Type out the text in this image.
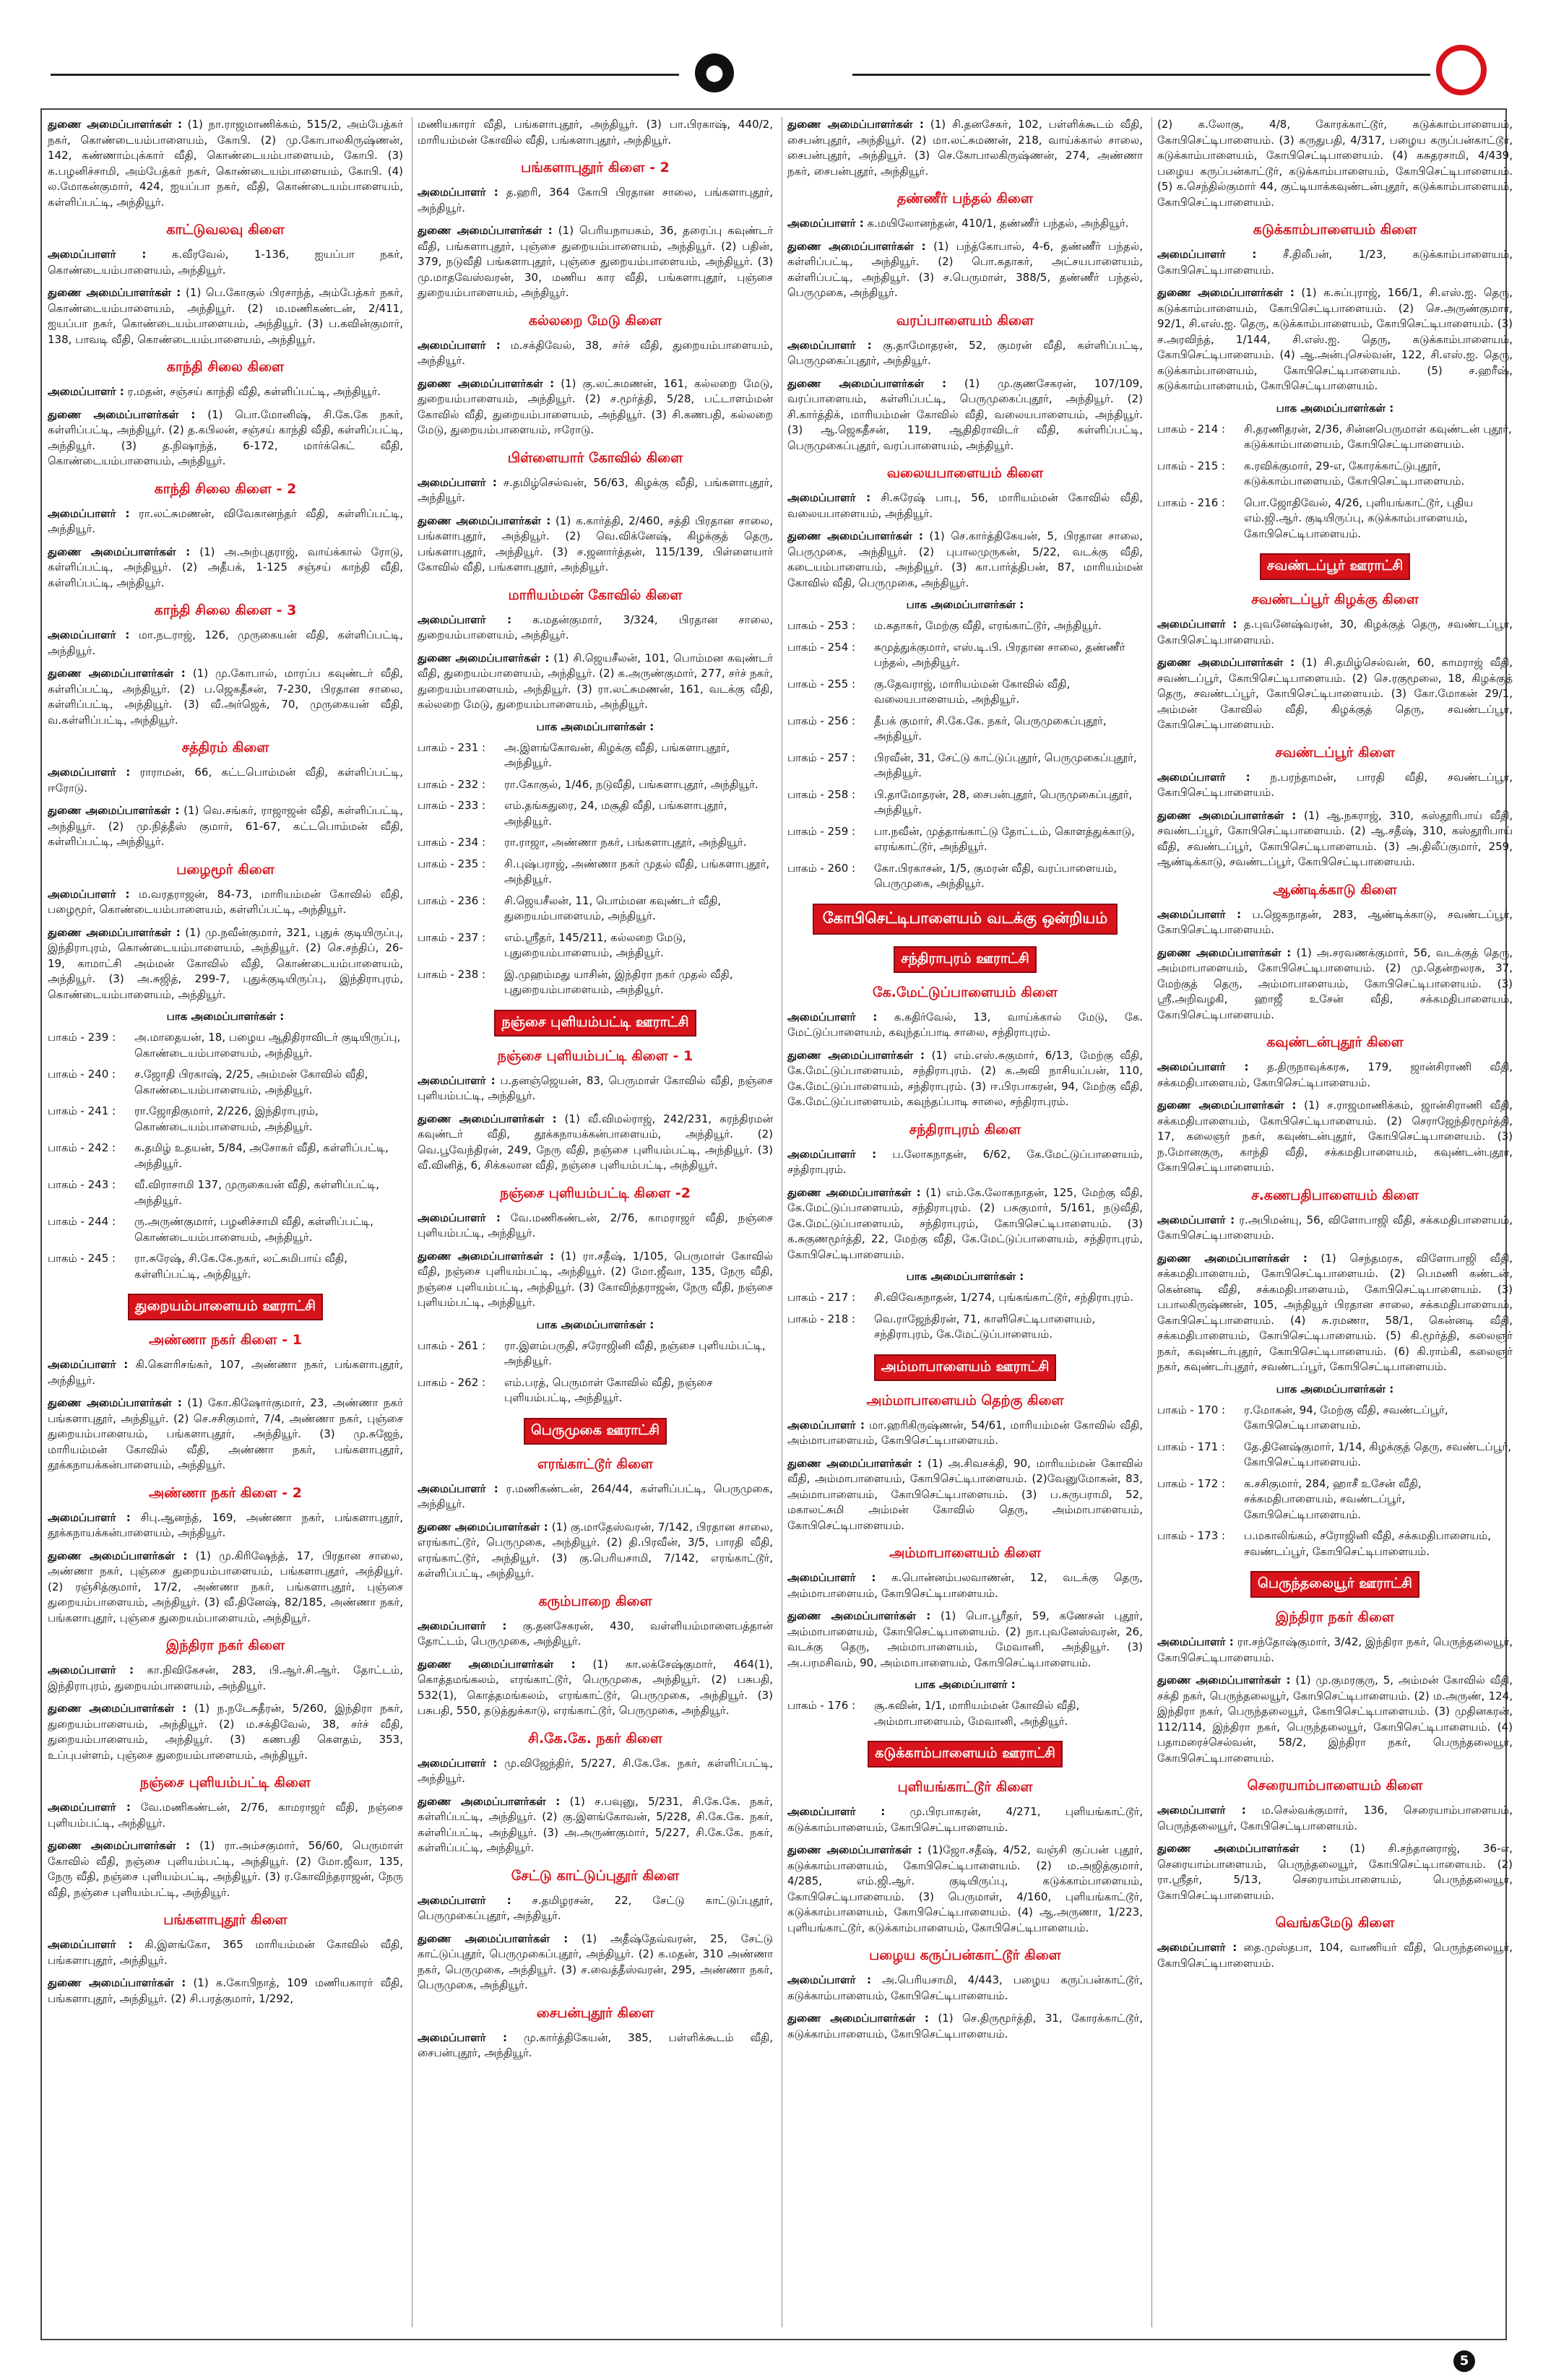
●

துணை அமைப்பாளர்கள் : (1) நா.ராஜமாணிக்கம், 515/2, அம்பேத்கர் நகர், கொண்டையம்பாளையம், கோபி. (2) மு.கோபாலகிருஷ்ணன், 142, கண்ணாம்புக்கார் வீதி, கொண்டையம்பாளையம், கோபி. (3) க.பழனிச்சாமி, அம்பேத்கர் நகர், கொண்டையம்பாளையம், கோபி. (4) ல.மோகன்குமார், 424, ஐயப்பா நகர், வீதி, கொண்டையம்பாளையம், கள்ளிப்பட்டி, அந்தியூர்.

காட்டுவலவு கிளை

அமைப்பாளர் : க.வீரவேல், 1-136, ஐயப்பா நகர், கொண்டையம்பாளையம், அந்தியூர்.

துணை அமைப்பாளர்கள் : (1) பெ.கோகுல் பிரசாந்த், அம்பேத்கர் நகர், கொண்டையம்பாளையம், அந்தியூர். (2) ம.மணிகண்டன், 2/411, ஐயப்பா நகர், கொண்டையம்பாளையம், அந்தியூர். (3) ப.கவின்குமார், 138, பாவடி வீதி, கொண்டையம்பாளையம், அந்தியூர்.

காந்தி சிலை கிளை

அமைப்பாளர் : ர.மதன், சஞ்சய் காந்தி வீதி, கள்ளிப்பட்டி, அந்தியூர்.

துணை அமைப்பாளர்கள் : (1) பொ.மோனிஷ், சி.கே.கே நகர், கள்ளிப்பட்டி, அந்தியூர். (2) த.கபிலன், சஞ்சய் காந்தி வீதி, கள்ளிப்பட்டி, அந்தியூர். (3) த.நிஷாந்த், 6-172, மார்க்கெட் வீதி, கொண்டையம்பாளையம், அந்தியூர்.

காந்தி சிலை கிளை - 2

அமைப்பாளர் : ரா.லட்சுமணன், விவேகானந்தர் வீதி, கள்ளிப்பட்டி, அந்தியூர்.

துணை அமைப்பாளர்கள் : (1) அ.அற்புதராஜ், வாய்க்கால் ரோடு, கள்ளிப்பட்டி, அந்தியூர். (2) அதீபக், 1-125 சஞ்சய் காந்தி வீதி, கள்ளிப்பட்டி, அந்தியூர்.

காந்தி சிலை கிளை - 3

அமைப்பாளர் : மா.நடராஜ், 126, முருகையன் வீதி, கள்ளிப்பட்டி, அந்தியூர்.

துணை அமைப்பாளர்கள் : (1) மு.கோபால், மாரப்ப கவுண்டர் வீதி, கள்ளிப்பட்டி, அந்தியூர். (2) ப.ஜெகதீசன், 7-230, பிரதான சாலை, கள்ளிப்பட்டி, அந்தியூர். (3) வீ.அர்ஜெக், 70, முருகையன் வீதி, வ.கள்ளிப்பட்டி, அந்தியூர்.

சத்திரம் கிளை

அமைப்பாளர் : ராராமன், 66, கட்டபொம்மன் வீதி, கள்ளிப்பட்டி, ஈரோடு.

துணை அமைப்பாளர்கள் : (1) வெ.சங்கர், ராஜாஜன் வீதி, கள்ளிப்பட்டி, அந்தியூர். (2) மு.நித்தீஸ் குமார், 61-67, கட்டபொம்மன் வீதி, கள்ளிப்பட்டி, அந்தியூர்.

பழைமூர் கிளை

அமைப்பாளர் : ம.வரதராஜன், 84-73, மாரியம்மன் கோவில் வீதி, பழைமூர், கொண்டையம்பாளையம், கள்ளிப்பட்டி, அந்தியூர்.

துணை அமைப்பாளர்கள் : (1) மு.நவீன்குமார், 321, புதுக் குடியிருப்பு, இந்திராபுரம், கொண்டையம்பாளையம், அந்தியூர். (2) செ.சந்திப், 26-19, காமாட்சி அம்மன் கோவில் வீதி, கொண்டையம்பாளையம், அந்தியூர். (3) அ.சுஜித், 299-7, புதுக்குடியிருப்பு, இந்திராபுரம், கொண்டையம்பாளையம், அந்தியூர்.

பாக அமைப்பாளர்கள் :
பாகம் - 239 :	அ.மாதையன், 18, பழைய ஆதிதிராவிடர் குடியிருப்பு, கொண்டையம்பாளையம், அந்தியூர்.
பாகம் - 240 :	ச.ஜோதி பிரகாஷ், 2/25, அம்மன் கோவில் வீதி, கொண்டையம்பாளையம், அந்தியூர்.
பாகம் - 241 :	ரா.ஜோதிகுமார், 2/226, இந்திராபுரம், கொண்டையம்பாளையம், அந்தியூர்.
பாகம் - 242 :	க.தமிழ் உதயன், 5/84, அசோகர் வீதி, கள்ளிப்பட்டி, அந்தியூர்.
பாகம் - 243 :	வீ.விராசாமி 137, முருகையன் வீதி, கள்ளிப்பட்டி, அந்தியூர்.
பாகம் - 244 :	ரு.அருண்குமார், பழனிச்சாமி வீதி, கள்ளிப்பட்டி, கொண்டையம்பாளையம், அந்தியூர்.
பாகம் - 245 :	ரா.சுரேஷ், சி.கே.கே.நகர், லட்சுமிபாய் வீதி, கள்ளிப்பட்டி, அந்தியூர்.
துறையம்பாளையம் ஊராட்சி
அண்ணா நகர் கிளை - 1

அமைப்பாளர் : கி.கௌரிசங்கர், 107, அண்ணா நகர், பங்களாபுதூர், அந்தியூர்.

துணை அமைப்பாளர்கள் : (1) கோ.கிஷோர்குமார், 23, அண்ணா நகர் பங்களாபுதூர், அந்தியூர். (2) செ.சசிகுமார், 7/4, அண்ணா நகர், புஞ்சை துறையம்பாளையம், பங்களாபுதூர், அந்தியூர். (3) மு.சுஜேந், மாரியம்மன் கோவில் வீதி, அண்ணா நகர், பங்களாபுதூர், தூக்கநாயக்கன்பாளையம், அந்தியூர்.

அண்ணா நகர் கிளை - 2

அமைப்பாளர் : சிபு.ஆனந்த், 169, அண்ணா நகர், பங்களாபுதூர், தூக்கநாயக்கன்பாளையம், அந்தியூர்.

துணை அமைப்பாளர்கள் : (1) மு.கிரிஷேந்த், 17, பிரதான சாலை, அண்ணா நகர், புஞ்சை துறையம்பாளையம், பங்களாபுதூர், அந்தியூர். (2) ரஞ்சித்குமார், 17/2, அண்ணா நகர், பங்களாபுதூர், புஞ்சை துறையம்பாளையம், அந்தியூர். (3) வீ.தினேஷ், 82/185, அண்ணா நகர், பங்களாபுதூர், புஞ்சை துறையம்பாளையம், அந்தியூர்.

இந்திரா நகர் கிளை

அமைப்பாளர் : கா.நிவிகேசன், 283, பி.ஆர்.சி.ஆர். தோட்டம், இந்திராபுரம், துறையம்பாளையம், அந்தியூர்.

துணை அமைப்பாளர்கள் : (1) ந.நடேசுதீரன், 5/260, இந்திரா நகர், துறையம்பாளையம், அந்தியூர். (2) ம.சக்திவேல், 38, சர்ச் வீதி, துறையம்பாளையம், அந்தியூர். (3) கணபதி கௌதம், 353, உப்புபள்ளம், புஞ்சை துறையம்பாளையம், அந்தியூர்.

நஞ்சை புளியம்பட்டி கிளை

அமைப்பாளர் : வே.மணிகண்டன், 2/76, காமராஜர் வீதி, நஞ்சை புளியம்பட்டி, அந்தியூர்.

துணை அமைப்பாளர்கள் : (1) ரா.அம்சகுமார், 56/60, பெருமாள் கோவில் வீதி, நஞ்சை புளியம்பட்டி, அந்தியூர். (2) மோ.ஜீவா, 135, நேரு வீதி, நஞ்சை புளியம்பட்டி, அந்தியூர். (3) ர.கோவிந்தராஜன், நேரு வீதி, நஞ்சை புளியம்பட்டி, அந்தியூர்.

பங்களாபுதூர் கிளை

அமைப்பாளர் : கி.இளங்கோ, 365 மாரியம்மன் கோவில் வீதி, பங்களாபுதூர், அந்தியூர்.

துணை அமைப்பாளர்கள் : (1) க.கோபிநாத், 109 மணியகாரர் வீதி, பங்களாபுதூர், அந்தியூர். (2) சி.பரத்குமார், 1/292,

மணியகாரர் வீதி, பங்களாபுதூர், அந்தியூர். (3) பா.பிரகாஷ், 440/2, மாரியம்மன் கோவில் வீதி, பங்களாபுதூர், அந்தியூர்.

பங்களாபுதூர் கிளை - 2

அமைப்பாளர் : த.ஹரி, 364 கோபி பிரதான சாலை, பங்களாபுதூர், அந்தியூர்.

துணை அமைப்பாளர்கள் : (1) பெரியநாயகம், 36, தரைப்பு கவுண்டர் வீதி, பங்களாபுதூர், புஞ்சை துறையம்பாளையம், அந்தியூர். (2) பதின், 379, நடுவீதி பங்களாபுதூர், புஞ்சை துறையம்பாளையம், அந்தியூர். (3) மு.மாதவேஸ்வரன், 30, மணிய கார வீதி, பங்களாபுதூர், புஞ்சை துறையம்பாளையம், அந்தியூர்.

கல்லறை மேடு கிளை

அமைப்பாளர் : ம.சக்திவேல், 38, சர்ச் வீதி, துறையம்பாளையம், அந்தியூர்.

துணை அமைப்பாளர்கள் : (1) கு.லட்சுமணன், 161, கல்லறை மேடு, துறையம்பாளையம், அந்தியூர். (2) ச.மூர்த்தி, 5/28, பட்டாளம்மன் கோவில் வீதி, துறையம்பாளையம், அந்தியூர். (3) சி.கணபதி, கல்லறை மேடு, துறையம்பாளையம், ஈரோடு.

பிள்ளையார் கோவில் கிளை

அமைப்பாளர் : ச.தமிழ்செல்வன், 56/63, கிழக்கு வீதி, பங்களாபுதூர், அந்தியூர்.

துணை அமைப்பாளர்கள் : (1) க.கார்த்தி, 2/460, சத்தி பிரதான சாலை, பங்களாபுதூர், அந்தியூர். (2) வெ.விக்னேஷ், கிழக்குத் தெரு, பங்களாபுதூர், அந்தியூர். (3) ச.ஜனார்த்தன், 115/139, பிள்ளையார் கோவில் வீதி, பங்களாபுதூர், அந்தியூர்.

மாரியம்மன் கோவில் கிளை

அமைப்பாளர் : க.மதன்குமார், 3/324, பிரதான சாலை, துறையம்பாளையம், அந்தியூர்.

துணை அமைப்பாளர்கள் : (1) சி.ஜெயசீலன், 101, பொம்மன கவுண்டர் வீதி, துறையம்பாளையம், அந்தியூர். (2) க.அருண்குமார், 277, சர்ச் நகர், துறையம்பாளையம், அந்தியூர். (3) ரா.லட்சுமணன், 161, வடக்கு வீதி, கல்லறை மேடு, துறையம்பாளையம், அந்தியூர்.

பாக அமைப்பாளர்கள் :
பாகம் - 231 :	அ.இளங்கோவன், கிழக்கு வீதி, பங்களாபுதூர், அந்தியூர்.
பாகம் - 232 :	ரா.கோகுல், 1/46, நடுவீதி, பங்களாபுதூர், அந்தியூர்.
பாகம் - 233 :	எம்.தங்கதுரை, 24, மசூதி வீதி, பங்களாபுதூர், அந்தியூர்.
பாகம் - 234 :	ரா.ராஜா, அண்ணா நகர், பங்களாபுதூர், அந்தியூர்.
பாகம் - 235 :	சி.புஷ்பராஜ், அண்ணா நகர் முதல் வீதி, பங்களாபுதூர், அந்தியூர்.
பாகம் - 236 :	சி.ஜெயசீலன், 11, பொம்மன கவுண்டர் வீதி, துறையம்பாளையம், அந்தியூர்.
பாகம் - 237 :	எம்.ஸ்ரீதர், 145/211, கல்லறை மேடு, புதுறையம்பாளையம், அந்தியூர்.
பாகம் - 238 :	இ.முஹம்மது யாசின், இந்திரா நகர் முதல் வீதி, புதுறையம்பாளையம், அந்தியூர்.
நஞ்சை புளியம்பட்டி ஊராட்சி
நஞ்சை புளியம்பட்டி கிளை - 1

அமைப்பாளர் : ப.தனஞ்ஜெயன், 83, பெருமாள் கோவில் வீதி, நஞ்சை புளியம்பட்டி, அந்தியூர்.

துணை அமைப்பாளர்கள் : (1) வீ.விமல்ராஜ், 242/231, சுரந்திரமன் கவுண்டர் வீதி, தூக்கநாயக்கன்பாளையம், அந்தியூர். (2) வெ.பூவேந்திரன், 249, நேரு வீதி, நஞ்சை புளியம்பட்டி, அந்தியூர். (3) வீ.வினித், 6, சிக்கலான வீதி, நஞ்சை புளியம்பட்டி, அந்தியூர்.

நஞ்சை புளியம்பட்டி கிளை -2

அமைப்பாளர் : வே.மணிகண்டன், 2/76, காமராஜர் வீதி, நஞ்சை புளியம்பட்டி, அந்தியூர்.

துணை அமைப்பாளர்கள் : (1) ரா.சதீஷ், 1/105, பெருமாள் கோவில் வீதி, நஞ்சை புளியம்பட்டி, அந்தியூர். (2) மோ.ஜீவா, 135, நேரு வீதி, நஞ்சை புளியம்பட்டி, அந்தியூர். (3) கோவிந்தராஜன், நேரு வீதி, நஞ்சை புளியம்பட்டி, அந்தியூர்.

பாக அமைப்பாளர்கள் :
பாகம் - 261 :	ரா.இளம்பருதி, சரோஜினி வீதி, நஞ்சை புளியம்பட்டி, அந்தியூர்.
பாகம் - 262 :	எம்.பரத், பெருமாள் கோவில் வீதி, நஞ்சை புளியம்பட்டி, அந்தியூர்.
பெருமுகை ஊராட்சி
எரங்காட்டூர் கிளை

அமைப்பாளர் : ர.மணிகண்டன், 264/44, கள்ளிப்பட்டி, பெருமுகை, அந்தியூர்.

துணை அமைப்பாளர்கள் : (1) கு.மாதேஸ்வரன், 7/142, பிரதான சாலை, எரங்காட்டூர், பெருமுகை, அந்தியூர். (2) தி.பிரவீன், 3/5, பாரதி வீதி, எரங்காட்டூர், அந்தியூர். (3) கு.பெரியசாமி, 7/142, எரங்காட்டூர், கள்ளிப்பட்டி, அந்தியூர்.

கரும்பாறை கிளை

அமைப்பாளர் : கு.தனசேகரன், 430, வள்ளியம்மாளைபத்தான் தோட்டம், பெருமுகை, அந்தியூர்.

துணை அமைப்பாளர்கள் : (1) கா.லக்சேஷ்குமார், 464(1), கொத்தமங்கலம், எரங்காட்டூர், பெருமுகை, அந்தியூர். (2) பசுபதி, 532(1), கொத்தமங்கலம், எரங்காட்டூர், பெருமுகை, அந்தியூர். (3) பசுபதி, 550, தடுத்துக்காடு, எரங்காட்டூர், பெருமுகை, அந்தியூர்.

சி.கே.கே. நகர் கிளை

அமைப்பாளர் : மு.விஜேந்திர், 5/227, சி.கே.கே. நகர், கள்ளிப்பட்டி, அந்தியூர்.

துணை அமைப்பாளர்கள் : (1) ச.பவுனு, 5/231, சி.கே.கே. நகர், கள்ளிப்பட்டி, அந்தியூர். (2) கு.இளங்கோவன், 5/228, சி.கே.கே. நகர், கள்ளிப்பட்டி, அந்தியூர். (3) அ.அருண்குமார், 5/227, சி.கே.கே. நகர், கள்ளிப்பட்டி, அந்தியூர்.

சேட்டு காட்டுப்புதூர் கிளை

அமைப்பாளர் : ச.தமிழரசன், 22, சேட்டு காட்டுப்புதூர், பெருமுகைப்புதூர், அந்தியூர்.

துணை அமைப்பாளர்கள் : (1) அதீஷ்தேவ்வரன், 25, சேட்டு காட்டுப்புதூர், பெருமுகைப்புதூர், அந்தியூர். (2) க.மதன், 310 அண்ணா நகர், பெருமுகை, அந்தியூர். (3) ச.வைத்தீஸ்வரன், 295, அண்ணா நகர், பெருமுகை, அந்தியூர்.

சைபன்புதூர் கிளை

அமைப்பாளர் : மு.கார்த்திகேயன், 385, பள்ளிக்கூடம் வீதி, சைபன்புதூர், அந்தியூர்.

துணை அமைப்பாளர்கள் : (1) சி.தனசேகர், 102, பள்ளிக்கூடம் வீதி, சைபன்புதூர், அந்தியூர். (2) மா.லட்சுமணன், 218, வாய்க்கால் சாலை, சைபன்புதூர், அந்தியூர். (3) செ.கோபாலகிருஷ்ணன், 274, அண்ணா நகர், சைபன்புதூர், அந்தியூர்.

தண்ணீர் பந்தல் கிளை

அமைப்பாளர் : க.மயிலோனந்தன், 410/1, தண்ணீர் பந்தல், அந்தியூர்.

துணை அமைப்பாளர்கள் : (1) பந்த்கோபால், 4-6, தண்ணீர் பந்தல், கள்ளிப்பட்டி, அந்தியூர். (2) பொ.கதாகர், அட்சயபாளையம், கள்ளிப்பட்டி, அந்தியூர். (3) ச.பெருமாள், 388/5, தண்ணீர் பந்தல், பெருமுகை, அந்தியூர்.

வரப்பாளையம் கிளை

அமைப்பாளர் : கு.தாமோதரன், 52, குமரன் வீதி, கள்ளிப்பட்டி, பெருமுகைப்புதூர், அந்தியூர்.

துணை அமைப்பாளர்கள் : (1) மு.குணசேகரன், 107/109, வரப்பாளையம், கள்ளிப்பட்டி, பெருமுகைப்புதூர், அந்தியூர். (2) சி.கார்த்திக், மாரியம்மன் கோவில் வீதி, வலையபாளையம், அந்தியூர். (3) ஆ.ஜெகதீசன், 119, ஆதிதிராவிடர் வீதி, கள்ளிப்பட்டி, பெருமுகைப்புதூர், வரப்பாளையம், அந்தியூர்.

வலையபாளையம் கிளை

அமைப்பாளர் : சி.சுரேஷ் பாபு, 56, மாரியம்மன் கோவில் வீதி, வலையபாளையம், அந்தியூர்.

துணை அமைப்பாளர்கள் : (1) செ.கார்த்திகேயன், 5, பிரதான சாலை, பெருமுகை, அந்தியூர். (2) புபாலமுருகன், 5/22, வடக்கு வீதி, கடையம்பாளையம், அந்தியூர். (3) கா.பார்த்திபன், 87, மாரியம்மன் கோவில் வீதி, பெருமுகை, அந்தியூர்.

பாக அமைப்பாளர்கள் :
பாகம் - 253 :	ம.கதாகர், மேற்கு வீதி, எரங்காட்டூர், அந்தியூர்.
பாகம் - 254 :	சுமுத்துக்குமார், எஸ்.டி.பி. பிரதான சாலை, தண்ணீர் பந்தல், அந்தியூர்.
பாகம் - 255 :	கு.தேவராஜ், மாரியம்மன் கோவில் வீதி, வலையபாளையம், அந்தியூர்.
பாகம் - 256 :	தீபக் குமார், சி.கே.கே. நகர், பெருமுகைப்புதூர், அந்தியூர்.
பாகம் - 257 :	பிரவீன், 31, சேட்டு காட்டுப்புதூர், பெருமுகைப்புதூர், அந்தியூர்.
பாகம் - 258 :	பி.தாமோதரன், 28, சைபன்புதூர், பெருமுகைப்புதூர், அந்தியூர்.
பாகம் - 259 :	பா.நவீன், முத்தாங்காட்டு தோட்டம், கொளத்துக்காடு, எரங்காட்டூர், அந்தியூர்.
பாகம் - 260 :	கோ.பிரகாசன், 1/5, குமரன் வீதி, வரப்பாளையம், பெருமுகை, அந்தியூர்.
கோபிசெட்டிபாளையம் வடக்கு ஒன்றியம்
சந்திராபுரம் ஊராட்சி
கே.மேட்டுப்பாளையம் கிளை

அமைப்பாளர் : க.கதிர்வேல், 13, வாய்க்கால் மேடு, கே. மேட்டுப்பாளையம், கவுந்தப்பாடி சாலை, சந்திராபுரம்.

துணை அமைப்பாளர்கள் : (1) எம்.எஸ்.சுகுமார், 6/13, மேற்கு வீதி, கே.மேட்டுப்பாளையம், சந்திராபுரம். (2) க.அவி நாசியப்பன், 110, கே.மேட்டுப்பாளையம், சந்திராபுரம். (3) ஈ.பிரபாகரன், 94, மேற்கு வீதி, கே.மேட்டுப்பாளையம், கவுந்தப்பாடி சாலை, சந்திராபுரம்.

சந்திராபுரம் கிளை

அமைப்பாளர் : ப.லோகநாதன், 6/62, கே.மேட்டுப்பாளையம், சந்திராபுரம்.

துணை அமைப்பாளர்கள் : (1) எம்.கே.லோகநாதன், 125, மேற்கு வீதி, கே.மேட்டுப்பாளையம், சந்திராபுரம். (2) பசுகுமார், 5/161, நடுவீதி, கே.மேட்டுப்பாளையம், சந்திராபுரம், கோபிசெட்டிபாளையம். (3) க.சுகுணமூர்த்தி, 22, மேற்கு வீதி, கே.மேட்டுப்பாளையம், சந்திராபுரம், கோபிசெட்டிபாளையம்.

பாக அமைப்பாளர்கள் :
பாகம் - 217 :	சி.விவேகநாதன், 1/274, புங்கங்காட்டூர், சந்திராபுரம்.
பாகம் - 218 :	வெ.ராஜேந்திரன், 71, காளிசெட்டிபாளையம், சந்திராபுரம், கே.மேட்டுப்பாளையம்.
அம்மாபாளையம் ஊராட்சி
அம்மாபாளையம் தெற்கு கிளை

அமைப்பாளர் : மா.ஹரிகிருஷ்ணன், 54/61, மாரியம்மன் கோவில் வீதி, அம்மாபாளையம், கோபிசெட்டிபாளையம்.

துணை அமைப்பாளர்கள் : (1) அ.சிவசக்தி, 90, மாரியம்மன் கோவில் வீதி, அம்மாபாளையம், கோபிசெட்டிபாளையம். (2)வேனுமோகன், 83, அம்மாபாளையம், கோபிசெட்டிபாளையம். (3) ப.சுருபராமி, 52, மகாலட்சுமி அம்மன் கோவில் தெரு, அம்மாபாளையம், கோபிசெட்டிபாளையம்.

அம்மாபாளையம் கிளை

அமைப்பாளர் : க.பொன்னம்பலவாணன், 12, வடக்கு தெரு, அம்மாபாளையம், கோபிசெட்டிபாளையம்.

துணை அமைப்பாளர்கள் : (1) பொ.பூரீதர், 59, கணேசன் புதூர், அம்மாபாளையம், கோபிசெட்டிபாளையம். (2) நா.புவனேஸ்வரன், 26, வடக்கு தெரு, அம்மாபாளையம், மேவானி, அந்தியூர். (3) அ.பரமசிவம், 90, அம்மாபாளையம், கோபிசெட்டிபாளையம்.

பாக அமைப்பாளர் :
பாகம் - 176 :	சூ.கவின், 1/1, மாரியம்மன் கோவில் வீதி, அம்மாபாளையம், மேவானி, அந்தியூர்.
கடுக்காம்பாளையம் ஊராட்சி
புளியங்காட்டூர் கிளை

அமைப்பாளர் : மு.பிரபாகரன், 4/271, புளியங்காட்டூர், கடுக்காம்பாளையம், கோபிசெட்டிபாளையம்.

துணை அமைப்பாளர்கள் : (1)ஜோ.சதீஷ், 4/52, வஞ்சி குப்பன் புதூர், கடுக்காம்பாளையம், கோபிசெட்டிபாளையம். (2) ம.அஜித்குமார், 4/285, எம்.ஜி.ஆர். குடியிருப்பு, கடுக்காம்பாளையம், கோபிசெட்டிபாளையம். (3) பெருமாள், 4/160, புளியங்காட்டூர், கடுக்காம்பாளையம், கோபிசெட்டிபாளையம். (4) ஆ.அருணா, 1/223, புளியங்காட்டூர், கடுக்காம்பாளையம், கோபிசெட்டிபாளையம்.

பழைய கருப்பன்காட்டூர் கிளை

அமைப்பாளர் : அ.பெரியசாமி, 4/443, பழைய கருப்பன்காட்டூர், கடுக்காம்பாளையம், கோபிசெட்டிபாளையம்.

துணை அமைப்பாளர்கள் : (1) செ.திருமூர்த்தி, 31, கோரக்காட்டூர், கடுக்காம்பாளையம், கோபிசெட்டிபாளையம்.

(2) க.லோகு, 4/8, கோரக்காட்டூர், கடுக்காம்பாளையம், கோபிசெட்டிபாளையம். (3) கருதுபதி, 4/317, பழைய கருப்பன்காட்டூர், கடுக்காம்பாளையம், கோபிசெட்டிபாளையம். (4) கசுதரசாமி, 4/439, பழைய கருப்பன்காட்டூர், கடுக்காம்பாளையம், கோபிசெட்டிபாளையம். (5) க.செந்தில்குமார் 44, குட்டியாக்கவுண்டன்புதூர், கடுக்காம்பாளையம், கோபிசெட்டிபாளையம்.

கடுக்காம்பாளையம் கிளை

அமைப்பாளர் : சீ.திலீபன், 1/23, கடுக்காம்பாளையம், கோபிசெட்டிபாளையம்.

துணை அமைப்பாளர்கள் : (1) க.சுப்புராஜ், 166/1, சி.எஸ்.ஐ. தெரு, கடுக்காம்பாளையம், கோபிசெட்டிபாளையம். (2) செ.அருண்குமார், 92/1, சி.எஸ்.ஐ. தெரு, கடுக்காம்பாளையம், கோபிசெட்டிபாளையம். (3) ச.அரவிந்த், 1/144, சி.எஸ்.ஐ. தெரு, கடுக்காம்பாளையம், கோபிசெட்டிபாளையம். (4) ஆ.அன்புசெல்வன், 122, சி.எஸ்.ஐ. தெரு, கடுக்காம்பாளையம், கோபிசெட்டிபாளையம். (5) ச.ஹரீஷ், கடுக்காம்பாளையம், கோபிசெட்டிபாளையம்.

பாக அமைப்பாளர்கள் :
பாகம் - 214 :	சி.தரணிதரன், 2/36, சின்னபெருமாள் கவுண்டன் புதூர், கடுக்காம்பாளையம், கோபிசெட்டிபாளையம்.
பாகம் - 215 :	க.ரவிக்குமார், 29-எ, கோரக்காட்டுபுதூர், கடுக்காம்பாளையம், கோபிசெட்டிபாளையம்.
பாகம் - 216 :	பொ.ஜோதிவேல், 4/26, புளியங்காட்டூர், புதிய எம்.ஜி.ஆர். குடியிருப்பு, கடுக்காம்பாளையம், கோபிசெட்டிபாளையம்.
சவண்டப்பூர் ஊராட்சி
சவண்டப்பூர் கிழக்கு கிளை

அமைப்பாளர் : த.புவனேஷ்வரன், 30, கிழக்குத் தெரு, சவண்டப்பூர், கோபிசெட்டிபாளையம்.

துணை அமைப்பாளர்கள் : (1) சி.தமிழ்செல்வன், 60, காமராஜ் வீதி, சவண்டப்பூர், கோபிசெட்டிபாளையம். (2) செ.ரகுமூலை, 18, கிழக்குத் தெரு, சவண்டப்பூர், கோபிசெட்டிபாளையம். (3) கோ.மோகன் 29/1, அம்மன் கோவில் வீதி, கிழக்குத் தெரு, சவண்டப்பூர், கோபிசெட்டிபாளையம்.

சவண்டப்பூர் கிளை

அமைப்பாளர் : ந.பரந்தாமன், பாரதி வீதி, சவண்டப்பூர், கோபிசெட்டிபாளையம்.

துணை அமைப்பாளர்கள் : (1) ஆ.நகராஜ், 310, கஸ்தூரிபாய் வீதி, சவண்டப்பூர், கோபிசெட்டிபாளையம். (2) ஆ.சதீஷ், 310, கஸ்தூரிபாய் வீதி, சவண்டப்பூர், கோபிசெட்டிபாளையம். (3) அ.திலீப்குமார், 259, ஆண்டிக்காடு, சவண்டப்பூர், கோபிசெட்டிபாளையம்.

ஆண்டிக்காடு கிளை

அமைப்பாளர் : ப.ஜெகநாதன், 283, ஆண்டிக்காடு, சவண்டப்பூர், கோபிசெட்டிபாளையம்.

துணை அமைப்பாளர்கள் : (1) அ.சரவணக்குமார், 56, வடக்குத் தெரு, அம்மாபாளையம், கோபிசெட்டிபாளையம். (2) மு.தென்றலரசு, 37, மேற்குத் தெரு, அம்மாபாளையம், கோபிசெட்டிபாளையம். (3) ஸ்ரீ.அறிவழகி, ஹாஜீ உசேன் வீதி, சக்கமதிபாளையம், கோபிசெட்டிபாளையம்.

கவுண்டன்புதூர் கிளை

அமைப்பாளர் : த.திருநாவுக்கரசு, 179, ஜான்சிராணி வீதி, சக்கமதிபாளையம், கோபிசெட்டிபாளையம்.

துணை அமைப்பாளர்கள் : (1) ச.ராஜமாணிக்கம், ஜான்சிராணி வீதி, சக்கமதிபாளையம், கோபிசெட்டிபாளையம். (2) செராஜேந்திரமூர்த்தி, 17, கலைஞர் நகர், கவுண்டன்புதூர், கோபிசெட்டிபாளையம். (3) ந.மோனகுரு, காந்தி வீதி, சக்கமதிபாளையம், கவுண்டன்புதூர், கோபிசெட்டிபாளையம்.

ச.கணபதிபாளையம் கிளை

அமைப்பாளர் : ர.அபிமன்யு, 56, விளோபாஜி வீதி, சக்கமதிபாளையம், கோபிசெட்டிபாளையம்.

துணை அமைப்பாளர்கள் : (1) செந்தமரசு, விளோபாஜி வீதி, சக்கமதிபாளையம், கோபிசெட்டிபாளையம். (2) பெமணி கண்டன், கென்னடி வீதி, சக்கமதிபாளையம், கோபிசெட்டிபாளையம். (3) பபாலகிருஷ்ணன், 105, அந்தியூர் பிரதான சாலை, சக்கமதிபாளையம், கோபிசெட்டிபாளையம். (4) சு.ரமணா, 58/1, கென்னடி வீதி, சக்கமதிபாளையம், கோபிசெட்டிபாளையம். (5) கி.மூர்த்தி, கலைஞர் நகர், கவுண்டர்புதூர், கோபிசெட்டிபாளையம். (6) கி.ராம்கி, கலைஞர் நகர், கவுண்டர்புதூர், சவண்டப்பூர், கோபிசெட்டிபாளையம்.

பாக அமைப்பாளர்கள் :
பாகம் - 170 :	ர.மோகன், 94, மேற்கு வீதி, சவண்டப்பூர், கோபிசெட்டிபாளையம்.
பாகம் - 171 :	தே.தினேஷ்குமார், 1/14, கிழக்குத் தெரு, சவண்டப்பூர், கோபிசெட்டிபாளையம்.
பாகம் - 172 :	க.சசிகுமார், 284, ஹாசீ உசேன் வீதி, சக்கமதிபாளையம், சவண்டப்பூர், கோபிசெட்டிபாளையம்.
பாகம் - 173 :	ப.மகாலிங்கம், சரோஜினி வீதி, சக்கமதிபாளையம், சவண்டப்பூர், கோபிசெட்டிபாளையம்.
பெருந்தலையூர் ஊராட்சி
இந்திரா நகர் கிளை

அமைப்பாளர் : ரா.சந்தோஷ்குமார், 3/42, இந்திரா நகர், பெருந்தலையூர், கோபிசெட்டிபாளையம்.

துணை அமைப்பாளர்கள் : (1) மு.குமரகுரு, 5, அம்மன் கோவில் வீதி, சக்தி நகர், பெருந்தலையூர், கோபிசெட்டிபாளையம். (2) ம.அருண், 124, இந்திரா நகர், பெருந்தலையூர், கோபிசெட்டிபாளையம். (3) முதினகரன், 112/114, இந்திரா நகர், பெருந்தலையூர், கோபிசெட்டிபாளையம். (4) பதாமரைச்செல்வன், 58/2, இந்திரா நகர், பெருந்தலையூர், கோபிசெட்டிபாளையம்.

செரையாம்பாளையம் கிளை

அமைப்பாளர் : ம.செல்வக்குமார், 136, செரையாம்பாளையம், பெருந்தலையூர், கோபிசெட்டிபாளையம்.

துணை அமைப்பாளர்கள் : (1) சி.சந்தானராஜ், 36-எ, செரையாம்பாளையம், பெருந்தலையூர், கோபிசெட்டிபாளையம். (2) ரா.ஸ்ரீதர், 5/13, செரையாம்பாளையம், பெருந்தலையூர், கோபிசெட்டிபாளையம்.

வெங்கமேடு கிளை

அமைப்பாளர் : தை.முஸ்தபா, 104, வாணியர் வீதி, பெருந்தலையூர், கோபிசெட்டிபாளையம்.

5
